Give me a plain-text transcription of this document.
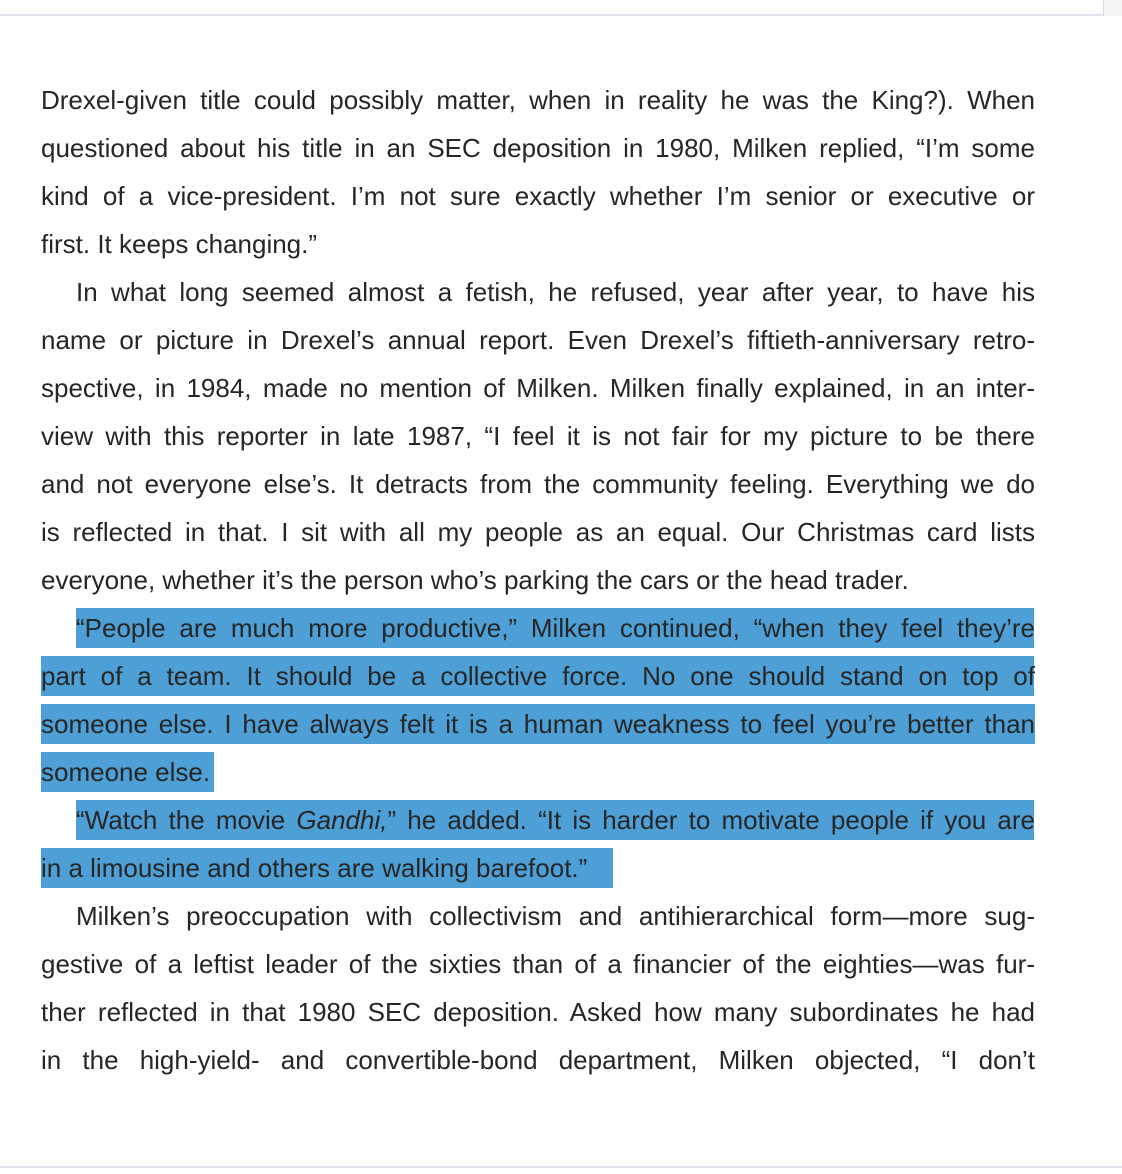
Drexel-given title could possibly matter, when in reality he was the King?). When
questioned about his title in an SEC deposition in 1980, Milken replied, “I’m some
kind of a vice-president. I’m not sure exactly whether I’m senior or executive or
first. It keeps changing.”
In what long seemed almost a fetish, he refused, year after year, to have his
name or picture in Drexel’s annual report. Even Drexel’s fiftieth-anniversary retro-
spective, in 1984, made no mention of Milken. Milken finally explained, in an inter-
view with this reporter in late 1987, “I feel it is not fair for my picture to be there
and not everyone else’s. It detracts from the community feeling. Everything we do
is reflected in that. I sit with all my people as an equal. Our Christmas card lists
everyone, whether it’s the person who’s parking the cars or the head trader.
“People are much more productive,” Milken continued, “when they feel they’re
part of a team. It should be a collective force. No one should stand on top of
someone else. I have always felt it is a human weakness to feel you’re better than
someone else.
“Watch the movie Gandhi,” he added. “It is harder to motivate people if you are
in a limousine and others are walking barefoot.”
Milken’s preoccupation with collectivism and antihierarchical form—more sug-
gestive of a leftist leader of the sixties than of a financier of the eighties—was fur-
ther reflected in that 1980 SEC deposition. Asked how many subordinates he had
in the high-yield- and convertible-bond department, Milken objected, “I don’t
